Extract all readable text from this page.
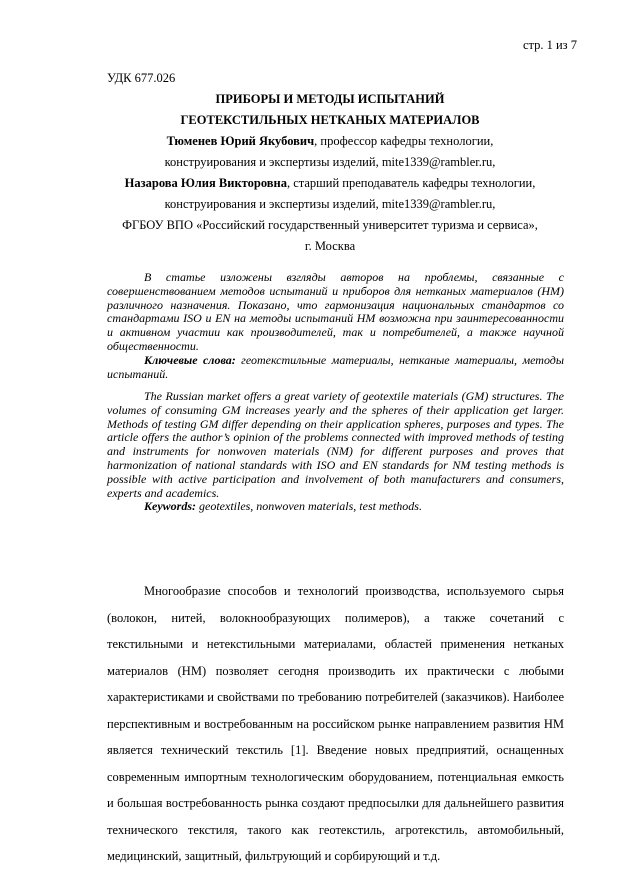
стр. 1 из 7
УДК 677.026
ПРИБОРЫ И МЕТОДЫ ИСПЫТАНИЙ
ГЕОТЕКСТИЛЬНЫХ НЕТКАНЫХ МАТЕРИАЛОВ
Тюменев Юрий Якубович, профессор кафедры технологии,
конструирования и экспертизы изделий, mite1339@rambler.ru,
Назарова Юлия Викторовна, старший преподаватель кафедры технологии,
конструирования и экспертизы изделий, mite1339@rambler.ru,
ФГБОУ ВПО «Российский государственный университет туризма и сервиса»,
г. Москва

В статье изложены взгляды авторов на проблемы, связанные с совершенствованием методов испытаний и приборов для нетканых материалов (НМ) различного назначения. Показано, что гармонизация национальных стандартов со стандартами ISO и EN на методы испытаний НМ возможна при заинтересованности и активном участии как производителей, так и потребителей, а также научной общественности.

Ключевые слова: геотекстильные материалы, нетканые материалы, методы испытаний.

The Russian market offers a great variety of geotextile materials (GM) structures. The volumes of consuming GM increases yearly and the spheres of their application get larger. Methods of testing GM differ depending on their application spheres, purposes and types. The article offers the author’s opinion of the problems connected with improved methods of testing and instruments for nonwoven materials (NM) for different purposes and proves that harmonization of national standards with ISO and EN standards for NM testing methods is possible with active participation and involvement of both manufacturers and consumers, experts and academics.

Keywords: geotextiles, nonwoven materials, test methods.

Многообразие способов и технологий производства, используемого сырья (волокон, нитей, волокнообразующих полимеров), а также сочетаний с текстильными и нетекстильными материалами, областей применения нетканых материалов (НМ) позволяет сегодня производить их практически с любыми характеристиками и свойствами по требованию потребителей (заказчиков). Наиболее перспективным и востребованным на российском рынке направлением развития НМ является технический текстиль [1]. Введение новых предприятий, оснащенных современным импортным технологическим оборудованием, потенциальная емкость и большая востребованность рынка создают предпосылки для дальнейшего развития технического текстиля, такого как геотекстиль, агротекстиль, автомобильный, медицинский, защитный, фильтрующий и сорбирующий и т.д.
